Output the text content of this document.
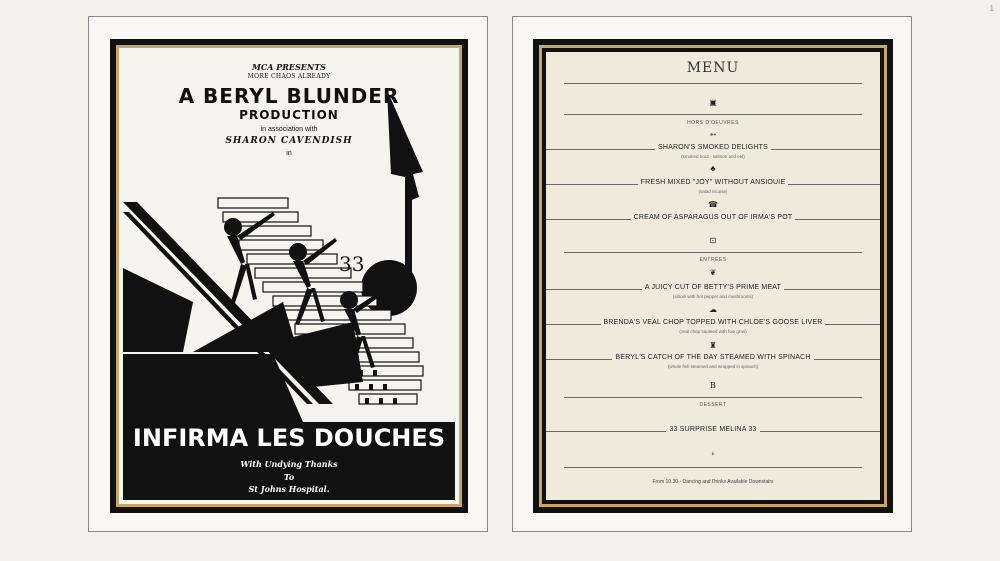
1
MCA PRESENTS
MORE CHAOS ALREADY
A BERYL BLUNDER
PRODUCTION
in association with
SHARON CAVENDISH
in
33
INFIRMA LES DOUCHES
With Undying Thanks
To
St Johns Hospital.
MENU
▣
HORS D'OEUVRES
➳
SHARON'S SMOKED DELIGHTS
(smoked trout - salmon and eel)
♣
FRESH MIXED "JOY" WITHOUT ANSIOUIE
(salad nicoise)
☎
CREAM OF ASPARAGUS OUT OF IRMA'S POT
⊡
ENTRÉES
❦
A JUICY CUT OF BETTY'S PRIME MEAT
(sirloin with hot pepper and mushrooms)
☁
BRENDA'S VEAL CHOP TOPPED WITH CHLOE'S GOOSE LIVER
(veal chop sauteed with foie gras)
♜
BERYL'S CATCH OF THE DAY STEAMED WITH SPINACH
(whole fish steamed and wrapped in spinach)
B
DESSERT
33 SURPRISE MELINA 33
⍖
From 10.30 - Dancing and Drinks Available Downstairs
